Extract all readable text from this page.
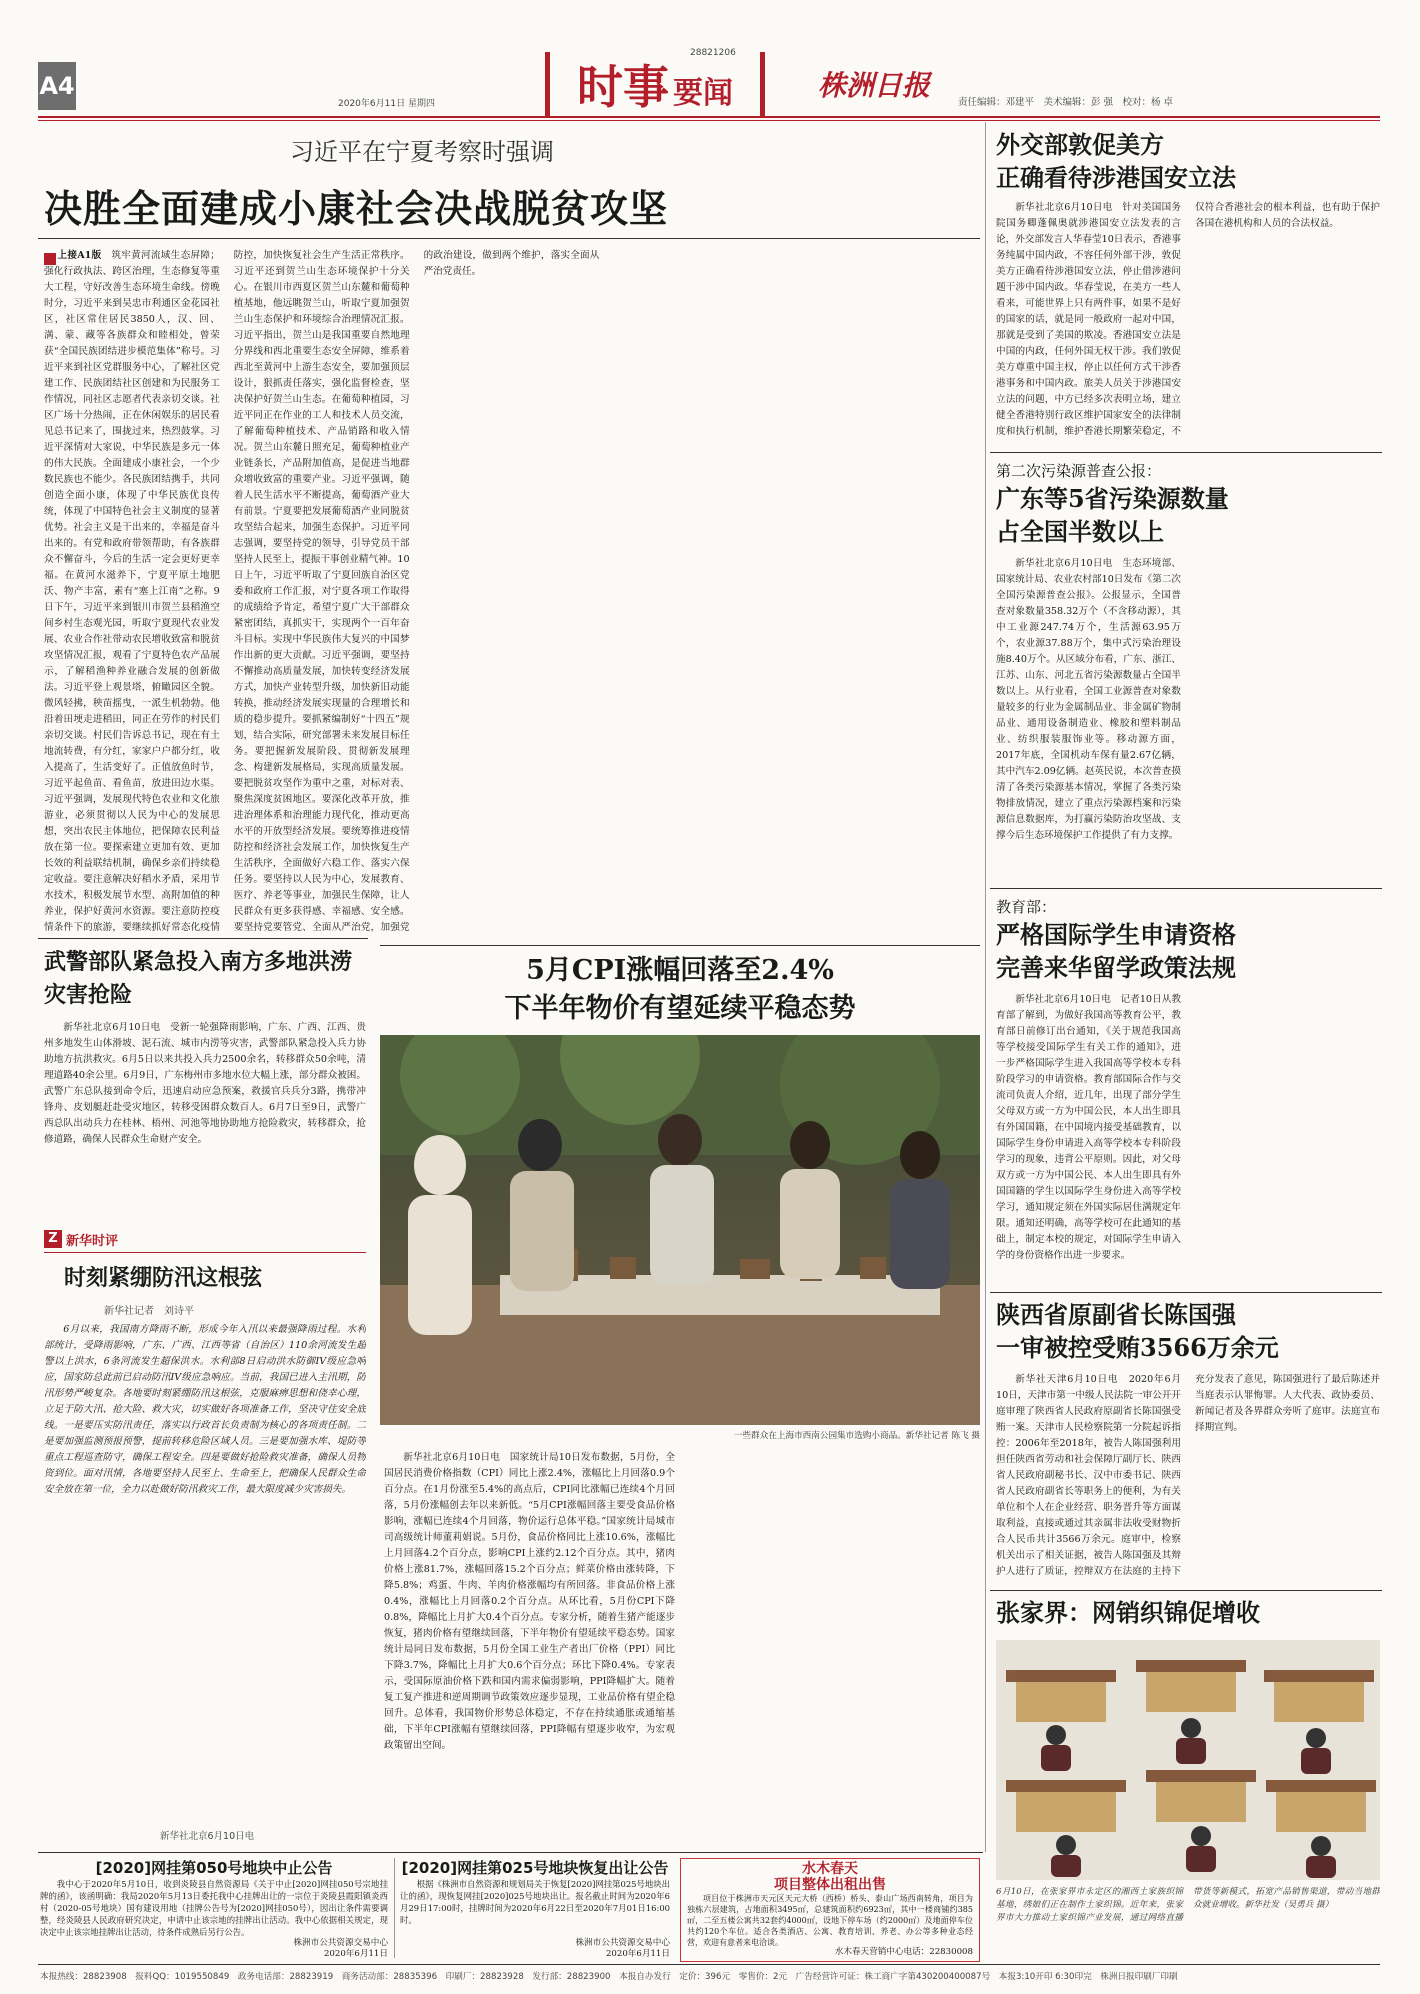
A4
2020年6月11日 星期四	时事 要闻
28821206
株洲日报
责任编辑：邓建平　美术编辑：彭 强　校对：杨 卓
习近平在宁夏考察时强调
决胜全面建成小康社会决战脱贫攻坚

上接A1版　 筑牢黄河流域生态屏障；强化行政执法、跨区治理，生态修复等重大工程，守好改善生态环境生命线。傍晚时分，习近平来到吴忠市利通区金花园社区，社区常住居民3850人，汉、回、满、蒙、藏等各族群众和睦相处，曾荣获“全国民族团结进步模范集体”称号。习近平来到社区党群服务中心，了解社区党建工作、民族团结社区创建和为民服务工作情况，同社区志愿者代表亲切交谈。社区广场十分热闹，正在休闲娱乐的居民看见总书记来了，围拢过来，热烈鼓掌。习近平深情对大家说，中华民族是多元一体的伟大民族。全面建成小康社会，一个少数民族也不能少。各民族团结携手，共同创造全面小康，体现了中华民族优良传统，体现了中国特色社会主义制度的显著优势。社会主义是干出来的，幸福是奋斗出来的。有党和政府带领帮助，有各族群众不懈奋斗，今后的生活一定会更好更幸福。在黄河水滋养下，宁夏平原土地肥沃、物产丰富，素有“塞上江南”之称。9日下午，习近平来到银川市贺兰县稻渔空间乡村生态观光园，听取宁夏现代农业发展、农业合作社带动农民增收致富和脱贫攻坚情况汇报，观看了宁夏特色农产品展示，了解稻渔种养业融合发展的创新做法。习近平登上观景塔，俯瞰园区全貌。微风轻拂，秧苗摇曳，一派生机勃勃。他沿着田埂走进稻田，同正在劳作的村民们亲切交谈。村民们告诉总书记，现在有土地流转费，有分红，家家户户都分红，收入提高了，生活变好了。正值放鱼时节，习近平起鱼苗、看鱼苗，放进田边水渠。习近平强调，发展现代特色农业和文化旅游业，必须贯彻以人民为中心的发展思想，突出农民主体地位，把保障农民利益放在第一位。要探索建立更加有效、更加长效的利益联结机制，确保乡亲们持续稳定收益。要注意解决好稻水矛盾，采用节水技术，积极发展节水型、高附加值的种养业，保护好黄河水资源。要注意防控疫情条件下的旅游，要继续抓好常态化疫情防控，加快恢复社会生产生活正常秩序。习近平还到贺兰山生态环境保护十分关心。在银川市西夏区贺兰山东麓和葡萄种植基地，他远眺贺兰山，听取宁夏加强贺兰山生态保护和环境综合治理情况汇报。习近平指出，贺兰山是我国重要自然地理分界线和西北重要生态安全屏障，维系着西北至黄河中上游生态安全，要加强顶层设计，狠抓责任落实，强化监督检查，坚决保护好贺兰山生态。在葡萄种植园，习近平同正在作业的工人和技术人员交流，了解葡萄种植技术、产品销路和收入情况。贺兰山东麓日照充足，葡萄种植业产业链条长，产品附加值高，是促进当地群众增收致富的重要产业。习近平强调，随着人民生活水平不断提高，葡萄酒产业大有前景。宁夏要把发展葡萄酒产业同脱贫攻坚结合起来，加强生态保护。习近平同志强调，要坚持党的领导，引导党员干部坚持人民至上，提振干事创业精气神。10日上午，习近平听取了宁夏回族自治区党委和政府工作汇报，对宁夏各项工作取得的成绩给予肯定，希望宁夏广大干部群众紧密团结，真抓实干，实现两个一百年奋斗目标。实现中华民族伟大复兴的中国梦作出新的更大贡献。习近平强调，要坚持不懈推动高质量发展，加快转变经济发展方式，加快产业转型升级，加快新旧动能转换，推动经济发展实现量的合理增长和质的稳步提升。要抓紧编制好“十四五”规划，结合实际，研究部署未来发展目标任务。要把握新发展阶段、贯彻新发展理念、构建新发展格局，实现高质量发展。要把脱贫攻坚作为重中之重，对标对表、聚焦深度贫困地区。要深化改革开放，推进治理体系和治理能力现代化，推动更高水平的开放型经济发展。要统筹推进疫情防控和经济社会发展工作，加快恢复生产生活秩序，全面做好六稳工作、落实六保任务。要坚持以人民为中心，发展教育、医疗、养老等事业，加强民生保障，让人民群众有更多获得感、幸福感、安全感。要坚持党要管党、全面从严治党，加强党的政治建设，做到两个维护，落实全面从严治党责任。

武警部队紧急投入南方多地洪涝灾害抢险

新华社北京6月10日电　受新一轮强降雨影响，广东、广西、江西、贵州多地发生山体滑坡、泥石流、城市内涝等灾害，武警部队紧急投入兵力协助地方抗洪救灾。6月5日以来共投入兵力2500余名，转移群众50余吨，清理道路40余公里。6月9日，广东梅州市多地水位大幅上涨，部分群众被困。武警广东总队接到命令后，迅速启动应急预案，救援官兵兵分3路，携带冲锋舟、皮划艇赶赴受灾地区，转移受困群众数百人。6月7日至9日，武警广西总队出动兵力在桂林、梧州、河池等地协助地方抢险救灾，转移群众，抢修道路，确保人民群众生命财产安全。

Z 新华时评
时刻紧绷防汛这根弦
新华社记者　刘诗平

6月以来，我国南方降雨不断，形成今年入汛以来最强降雨过程。水利部统计，受降雨影响，广东、广西、江西等省（自治区）110余河流发生超警以上洪水，6条河流发生超保洪水。水利部8日启动洪水防御IV级应急响应，国家防总此前已启动防汛IV级应急响应。当前，我国已进入主汛期，防汛形势严峻复杂。各地要时刻紧绷防汛这根弦，克服麻痹思想和侥幸心理，立足于防大汛、抢大险、救大灾，切实做好各项准备工作，坚决守住安全底线。一是要压实防汛责任，落实以行政首长负责制为核心的各项责任制。二是要加强监测预报预警，提前转移危险区域人员。三是要加强水库、堤防等重点工程巡查防守，确保工程安全。四是要做好抢险救灾准备，确保人员物资到位。面对汛情，各地要坚持人民至上、生命至上，把确保人民群众生命安全放在第一位，全力以赴做好防汛救灾工作，最大限度减少灾害损失。

新华社北京6月10日电
5月CPI涨幅回落至2.4%
下半年物价有望延续平稳态势
一些群众在上海市西南公园集市选购小商品。新华社记者 陈飞 摄

新华社北京6月10日电　国家统计局10日发布数据，5月份，全国居民消费价格指数（CPI）同比上涨2.4%，涨幅比上月回落0.9个百分点。在1月份涨至5.4%的高点后，CPI同比涨幅已连续4个月回落，5月份涨幅创去年以来新低。“5月CPI涨幅回落主要受食品价格影响，涨幅已连续4个月回落，物价运行总体平稳。”国家统计局城市司高级统计师董莉娟说。5月份，食品价格同比上涨10.6%，涨幅比上月回落4.2个百分点，影响CPI上涨约2.12个百分点。其中，猪肉价格上涨81.7%，涨幅回落15.2个百分点；鲜菜价格由涨转降，下降5.8%；鸡蛋、牛肉、羊肉价格涨幅均有所回落。非食品价格上涨0.4%，涨幅比上月回落0.2个百分点。从环比看，5月份CPI下降0.8%，降幅比上月扩大0.4个百分点。专家分析，随着生猪产能逐步恢复，猪肉价格有望继续回落，下半年物价有望延续平稳态势。国家统计局同日发布数据，5月份全国工业生产者出厂价格（PPI）同比下降3.7%，降幅比上月扩大0.6个百分点；环比下降0.4%。专家表示，受国际原油价格下跌和国内需求偏弱影响，PPI降幅扩大。随着复工复产推进和逆周期调节政策效应逐步显现，工业品价格有望企稳回升。总体看，我国物价形势总体稳定，不存在持续通胀或通缩基础，下半年CPI涨幅有望继续回落，PPI降幅有望逐步收窄，为宏观政策留出空间。

外交部敦促美方
正确看待涉港国安立法

新华社北京6月10日电　针对美国国务院国务卿蓬佩奥就涉港国安立法发表的言论，外交部发言人华春莹10日表示，香港事务纯属中国内政，不容任何外部干涉，敦促美方正确看待涉港国安立法，停止借涉港问题干涉中国内政。华春莹说，在美方一些人看来，可能世界上只有两件事，如果不是好的国家的话，就是同一般政府一起对中国，那就是受到了美国的欺凌。香港国安立法是中国的内政，任何外国无权干涉。我们敦促美方尊重中国主权，停止以任何方式干涉香港事务和中国内政。旅美人员关于涉港国安立法的问题，中方已经多次表明立场，建立健全香港特别行政区维护国家安全的法律制度和执行机制，维护香港长期繁荣稳定，不仅符合香港社会的根本利益，也有助于保护各国在港机构和人员的合法权益。

第二次污染源普查公报：
广东等5省污染源数量
占全国半数以上

新华社北京6月10日电　生态环境部、国家统计局、农业农村部10日发布《第二次全国污染源普查公报》。公报显示，全国普查对象数量358.32万个（不含移动源），其中工业源247.74万个，生活源63.95万个，农业源37.88万个，集中式污染治理设施8.40万个。从区域分布看，广东、浙江、江苏、山东、河北五省污染源数量占全国半数以上。从行业看，全国工业源普查对象数量较多的行业为金属制品业、非金属矿物制品业、通用设备制造业、橡胶和塑料制品业、纺织服装服饰业等。移动源方面，2017年底，全国机动车保有量2.67亿辆，其中汽车2.09亿辆。赵英民说，本次普查摸清了各类污染源基本情况，掌握了各类污染物排放情况，建立了重点污染源档案和污染源信息数据库，为打赢污染防治攻坚战、支撑今后生态环境保护工作提供了有力支撑。

教育部：
严格国际学生申请资格
完善来华留学政策法规

新华社北京6月10日电　记者10日从教育部了解到，为做好我国高等教育公平，教育部日前修订出台通知，《关于规范我国高等学校接受国际学生有关工作的通知》，进一步严格国际学生进入我国高等学校本专科阶段学习的申请资格。教育部国际合作与交流司负责人介绍，近几年，出现了部分学生父母双方或一方为中国公民，本人出生即具有外国国籍，在中国境内接受基础教育，以国际学生身份申请进入高等学校本专科阶段学习的现象，违背公平原则。因此，对父母双方或一方为中国公民、本人出生即具有外国国籍的学生以国际学生身份进入高等学校学习，通知规定须在外国实际居住满规定年限。通知还明确，高等学校可在此通知的基础上，制定本校的规定，对国际学生申请入学的身份资格作出进一步要求。

陕西省原副省长陈国强
一审被控受贿3566万余元

新华社天津6月10日电　2020年6月10日，天津市第一中级人民法院一审公开开庭审理了陕西省人民政府原副省长陈国强受贿一案。天津市人民检察院第一分院起诉指控：2006年至2018年，被告人陈国强利用担任陕西省劳动和社会保障厅副厅长、陕西省人民政府副秘书长、汉中市委书记、陕西省人民政府副省长等职务上的便利，为有关单位和个人在企业经营、职务晋升等方面谋取利益，直接或通过其亲属非法收受财物折合人民币共计3566万余元。庭审中，检察机关出示了相关证据，被告人陈国强及其辩护人进行了质证，控辩双方在法庭的主持下充分发表了意见，陈国强进行了最后陈述并当庭表示认罪悔罪。人大代表、政协委员、新闻记者及各界群众旁听了庭审。法庭宣布择期宣判。

张家界：网销织锦促增收

6月10日，在张家界市永定区的湘西土家族织锦基地，绣娘们正在制作土家织锦。近年来，张家界市大力推动土家织锦产业发展，通过网络直播带货等新模式，拓宽产品销售渠道，带动当地群众就业增收。新华社发（吴勇兵 摄）

[2020]网挂第050号地块中止公告
我中心于2020年5月10日，收到炎陵县自然资源局《关于中止[2020]网挂050号宗地挂牌的函》，该函明确：我局2020年5月13日委托我中心挂牌出让的一宗位于炎陵县霞阳镇炎西村（2020-05号地块）国有建设用地（挂牌公告号为[2020]网挂050号），因出让条件需要调整，经炎陵县人民政府研究决定，申请中止该宗地的挂牌出让活动。我中心依据相关规定，现决定中止该宗地挂牌出让活动，待条件成熟后另行公告。
株洲市公共资源交易中心
2020年6月11日
[2020]网挂第025号地块恢复出让公告
根据《株洲市自然资源和规划局关于恢复[2020]网挂第025号地块出让的函》，现恢复网挂[2020]025号地块出让。报名截止时间为2020年6月29日17:00时，挂牌时间为2020年6月22日至2020年7月01日16:00时。
株洲市公共资源交易中心
2020年6月11日
水木春天
项目整体出租出售
项目位于株洲市天元区天元大桥（西桥）桥头、泰山广场西南转角，项目为独栋六层建筑，占地面积3495㎡，总建筑面积约6923㎡，其中一楼商铺约385㎡，二至五楼公寓共32套约4000㎡，设地下停车场（约2000㎡）及地面停车位共约120个车位。适合各类酒店、公寓、教育培训、养老、办公等多种业态经营，欢迎有意者来电洽谈。
水木春天营销中心电话：22830008
本报热线：28823908　报料QQ：1019550849　政务电话部：28823919　商务活动部：28835396　印刷厂：28823928　发行部：28823900　本报自办发行　定价：396元　零售价：2元　广告经营许可证：株工商广字第430200400087号　本报3:10开印 6:30印完　株洲日报印刷厂印刷
